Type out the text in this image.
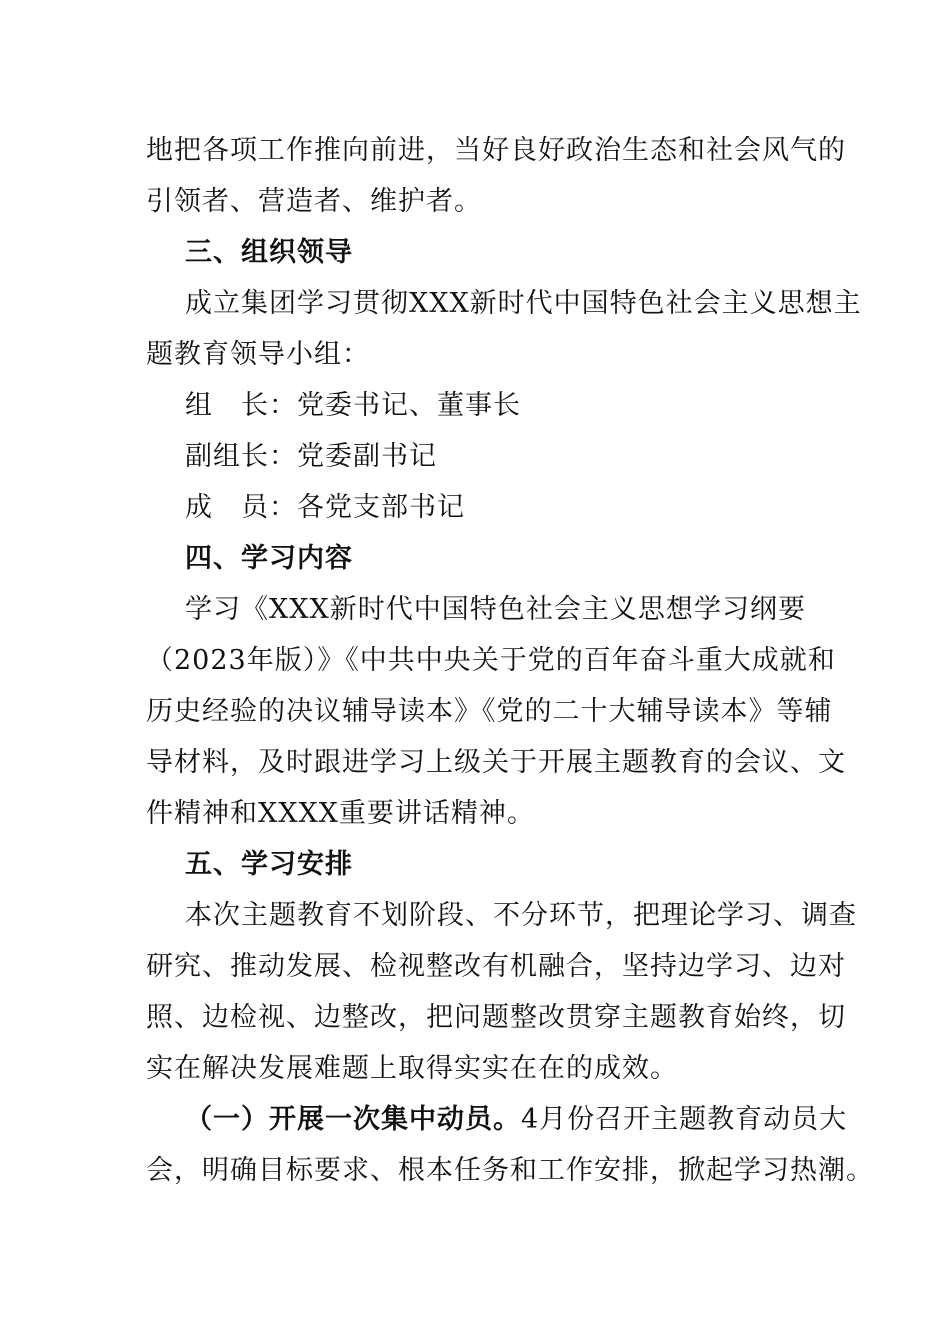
地把各项工作推向前进，当好良好政治生态和社会风气的
引领者、营造者、维护者。
三、组织领导
成立集团学习贯彻XXX新时代中国特色社会主义思想主
题教育领导小组：
组　长：党委书记、董事长
副组长：党委副书记
成　员：各党支部书记
四、学习内容
学习《XXX新时代中国特色社会主义思想学习纲要
（2023年版）》《中共中央关于党的百年奋斗重大成就和
历史经验的决议辅导读本》《党的二十大辅导读本》等辅
导材料，及时跟进学习上级关于开展主题教育的会议、文
件精神和XXXX重要讲话精神。
五、学习安排
本次主题教育不划阶段、不分环节，把理论学习、调查
研究、推动发展、检视整改有机融合，坚持边学习、边对
照、边检视、边整改，把问题整改贯穿主题教育始终，切
实在解决发展难题上取得实实在在的成效。
（一）开展一次集中动员。4月份召开主题教育动员大
会，明确目标要求、根本任务和工作安排，掀起学习热潮。
